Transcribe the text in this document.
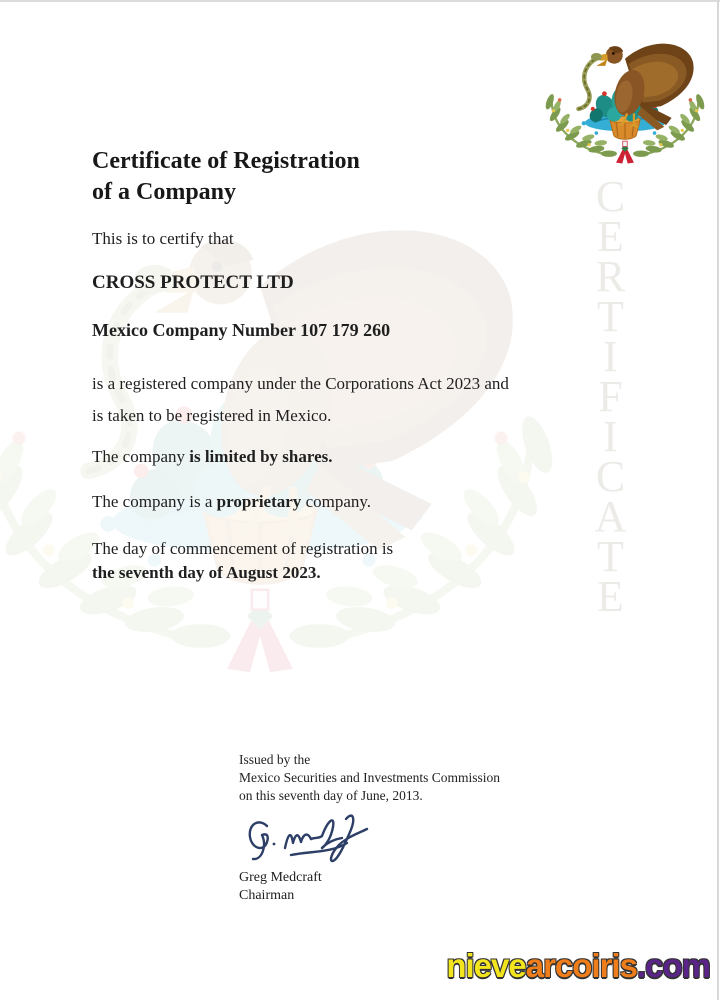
CERTIFICATE
Certificate of Registration
of a Company
This is to certify that
CROSS PROTECT LTD
Mexico Company Number 107 179 260
is a registered company under the Corporations Act 2023 and
is taken to be registered in Mexico.
The company is limited by shares.
The company is a proprietary company.
The day of commencement of registration is
the seventh day of August 2023.
Issued by the
Mexico Securities and Investments Commission
on this seventh day of June, 2013.
Greg Medcraft
Chairman
nievearcoiris.com
